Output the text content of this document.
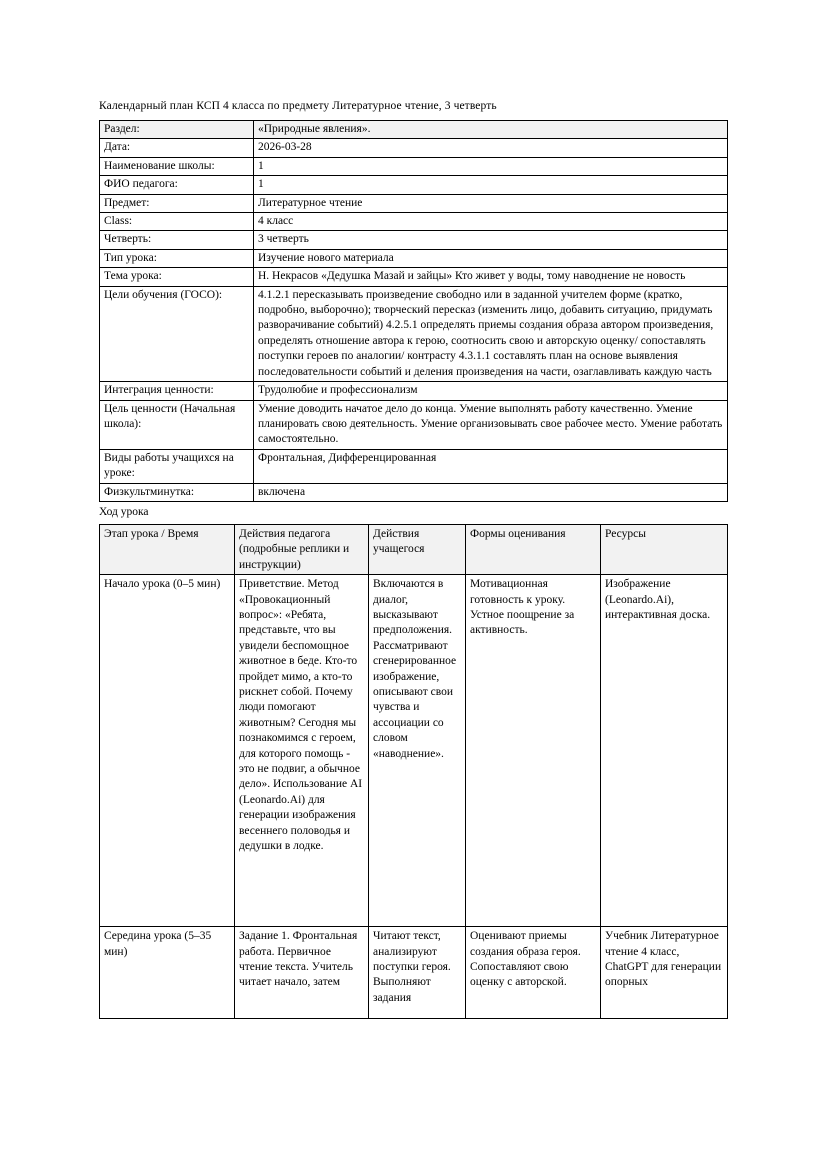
Календарный план КСП 4 класса по предмету Литературное чтение, 3 четверть

Раздел:	«Природные явления».
Дата:	2026-03-28
Наименование школы:	1
ФИО педагога:	1
Предмет:	Литературное чтение
Class:	4 класс
Четверть:	3 четверть
Тип урока:	Изучение нового материала
Тема урока:	Н. Некрасов «Дедушка Мазай и зайцы» Кто живет у воды, тому наводнение не новость
Цели обучения (ГОСО):	4.1.2.1 пересказывать произведение свободно или в заданной учителем форме (кратко, подробно, выборочно); творческий пересказ (изменить лицо, добавить ситуацию, придумать разворачивание событий) 4.2.5.1 определять приемы создания образа автором произведения, определять отношение автора к герою, соотносить свою и авторскую оценку/ сопоставлять поступки героев по аналогии/ контрасту 4.3.1.1 составлять план на основе выявления последовательности событий и деления произведения на части, озаглавливать каждую часть
Интеграция ценности:	Трудолюбие и профессионализм
Цель ценности (Начальная школа):	Умение доводить начатое дело до конца. Умение выполнять работу качественно. Умение планировать свою деятельность. Умение организовывать свое рабочее место. Умение работать самостоятельно.
Виды работы учащихся на уроке:	Фронтальная, Дифференцированная
Физкультминутка:	включена

Ход урока

Этап урока / Время	Действия педагога (подробные реплики и инструкции)	Действия учащегося	Формы оценивания	Ресурсы
Начало урока (0–5 мин)	Приветствие. Метод «Провокационный вопрос»: «Ребята, представьте, что вы увидели беспомощное животное в беде. Кто-то пройдет мимо, а кто-то рискнет собой. Почему люди помогают животным? Сегодня мы познакомимся с героем, для которого помощь - это не подвиг, а обычное дело». Использование AI (Leonardo.Ai) для генерации изображения весеннего половодья и дедушки в лодке.	Включаются в диалог, высказывают предположения. Рассматривают сгенерированное изображение, описывают свои чувства и ассоциации со словом «наводнение».	Мотивационная готовность к уроку. Устное поощрение за активность.	Изображение (Leonardo.Ai), интерактивная доска.
Середина урока (5–35 мин)	Задание 1. Фронтальная работа. Первичное чтение текста. Учитель читает начало, затем	Читают текст, анализируют поступки героя. Выполняют задания	Оценивают приемы создания образа героя. Сопоставляют свою оценку с авторской.	Учебник Литературное чтение 4 класс, ChatGPT для генерации опорных
